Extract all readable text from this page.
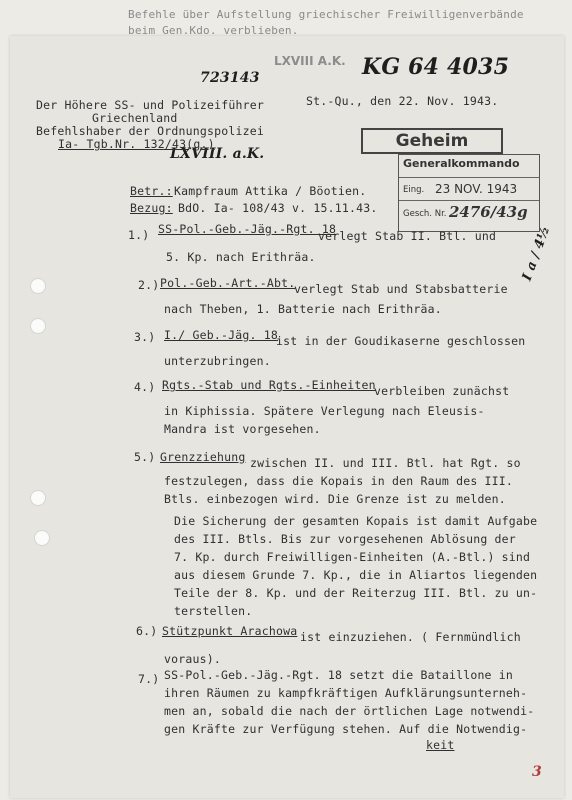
Befehle über Aufstellung griechischer Freiwilligenverbände
beim Gen.Kdo. verblieben.
LXVIII A.K. KG 64 4035
723143
LXVIII. a.K.
I a / 4½
3
Der Höhere SS- und Polizeiführer
Griechenland
Befehlshaber der Ordnungspolizei
Ia- Tgb.Nr. 132/43(g.)
St.-Qu., den 22. Nov. 1943.
Geheim
Generalkommando
Eing. 23 NOV. 1943
Gesch. Nr. 2476/43g
Betr.: Kampfraum Attika / Böotien.
Bezug: BdO. Ia- 108/43 v. 15.11.43.
1.) SS-Pol.-Geb.-Jäg.-Rgt. 18
verlegt Stab II. Btl. und
5. Kp. nach Erithräa.
2.) Pol.-Geb.-Art.-Abt.
verlegt Stab und Stabsbatterie
nach Theben, 1. Batterie nach Erithräa.
3.) I./ Geb.-Jäg. 18
ist in der Goudikaserne geschlossen
unterzubringen.
4.) Rgts.-Stab und Rgts.-Einheiten
verbleiben zunächst
in Kiphissia. Spätere Verlegung nach Eleusis-
Mandra ist vorgesehen.
5.) Grenzziehung zwischen II. und III. Btl. hat Rgt. so
festzulegen, dass die Kopais in den Raum des III.
Btls. einbezogen wird. Die Grenze ist zu melden.
Die Sicherung der gesamten Kopais ist damit Aufgabe
des III. Btls. Bis zur vorgesehenen Ablösung der
7. Kp. durch Freiwilligen-Einheiten (A.-Btl.) sind
aus diesem Grunde 7. Kp., die in Aliartos liegenden
Teile der 8. Kp. und der Reiterzug III. Btl. zu un-
terstellen.
6.) Stützpunkt Arachowa ist einzuziehen. ( Fernmündlich
voraus).
7.) SS-Pol.-Geb.-Jäg.-Rgt. 18 setzt die Bataillone in
ihren Räumen zu kampfkräftigen Aufklärungsunterneh-
men an, sobald die nach der örtlichen Lage notwendi-
gen Kräfte zur Verfügung stehen. Auf die Notwendig-
keit
